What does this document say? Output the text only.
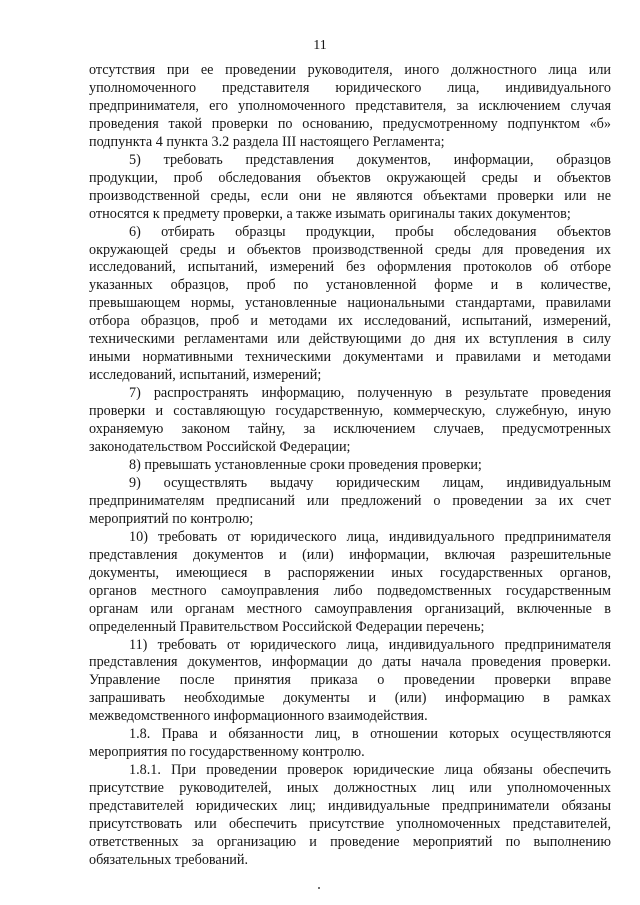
11

отсутствия при ее проведении руководителя, иного должностного лица или

уполномоченного представителя юридического лица, индивидуального

предпринимателя, его уполномоченного представителя, за исключением случая

проведения такой проверки по основанию, предусмотренному подпунктом «б»

подпункта 4 пункта 3.2 раздела III настоящего Регламента;

5) требовать представления документов, информации, образцов

продукции, проб обследования объектов окружающей среды и объектов

производственной среды, если они не являются объектами проверки или не

относятся к предмету проверки, а также изымать оригиналы таких документов;

6) отбирать образцы продукции, пробы обследования объектов

окружающей среды и объектов производственной среды для проведения их

исследований, испытаний, измерений без оформления протоколов об отборе

указанных образцов, проб по установленной форме и в количестве,

превышающем нормы, установленные национальными стандартами, правилами

отбора образцов, проб и методами их исследований, испытаний, измерений,

техническими регламентами или действующими до дня их вступления в силу

иными нормативными техническими документами и правилами и методами

исследований, испытаний, измерений;

7) распространять информацию, полученную в результате проведения

проверки и составляющую государственную, коммерческую, служебную, иную

охраняемую законом тайну, за исключением случаев, предусмотренных

законодательством Российской Федерации;

8) превышать установленные сроки проведения проверки;

9) осуществлять выдачу юридическим лицам, индивидуальным

предпринимателям предписаний или предложений о проведении за их счет

мероприятий по контролю;

10) требовать от юридического лица, индивидуального предпринимателя

представления документов и (или) информации, включая разрешительные

документы, имеющиеся в распоряжении иных государственных органов,

органов местного самоуправления либо подведомственных государственным

органам или органам местного самоуправления организаций, включенные в

определенный Правительством Российской Федерации перечень;

11) требовать от юридического лица, индивидуального предпринимателя

представления документов, информации до даты начала проведения проверки.

Управление после принятия приказа о проведении проверки вправе

запрашивать необходимые документы и (или) информацию в рамках

межведомственного информационного взаимодействия.

1.8. Права и обязанности лиц, в отношении которых осуществляются

мероприятия по государственному контролю.

1.8.1. При проведении проверок юридические лица обязаны обеспечить

присутствие руководителей, иных должностных лиц или уполномоченных

представителей юридических лиц; индивидуальные предприниматели обязаны

присутствовать или обеспечить присутствие уполномоченных представителей,

ответственных за организацию и проведение мероприятий по выполнению

обязательных требований.
